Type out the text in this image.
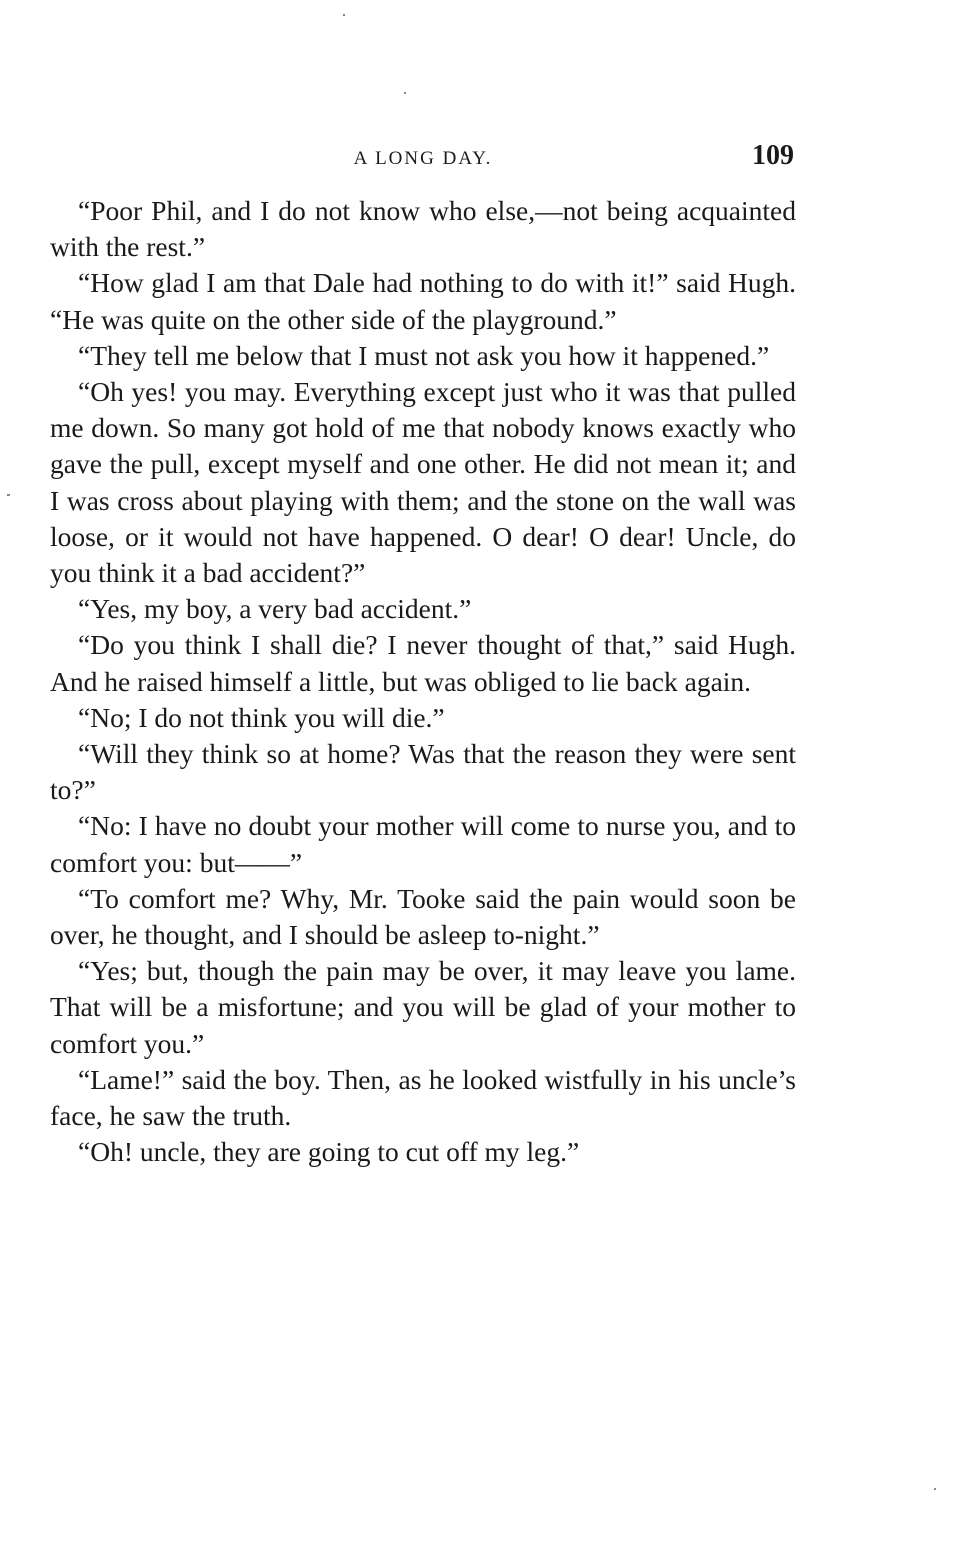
A LONG DAY.	109

“Poor Phil, and I do not know who else,—not being acquainted with the rest.”

“How glad I am that Dale had nothing to do with it!” said Hugh. “He was quite on the other side of the playground.”

“They tell me below that I must not ask you how it happened.”

“Oh yes! you may. Everything except just who it was that pulled me down. So many got hold of me that nobody knows exactly who gave the pull, except myself and one other. He did not mean it; and I was cross about playing with them; and the stone on the wall was loose, or it would not have happened. O dear! O dear! Uncle, do you think it a bad accident?”

“Yes, my boy, a very bad accident.”

“Do you think I shall die? I never thought of that,” said Hugh. And he raised himself a little, but was obliged to lie back again.

“No; I do not think you will die.”

“Will they think so at home? Was that the reason they were sent to?”

“No: I have no doubt your mother will come to nurse you, and to comfort you: but——”

“To comfort me? Why, Mr. Tooke said the pain would soon be over, he thought, and I should be asleep to-night.”

“Yes; but, though the pain may be over, it may leave you lame. That will be a misfortune; and you will be glad of your mother to comfort you.”

“Lame!” said the boy. Then, as he looked wistfully in his uncle’s face, he saw the truth.

“Oh! uncle, they are going to cut off my leg.”
